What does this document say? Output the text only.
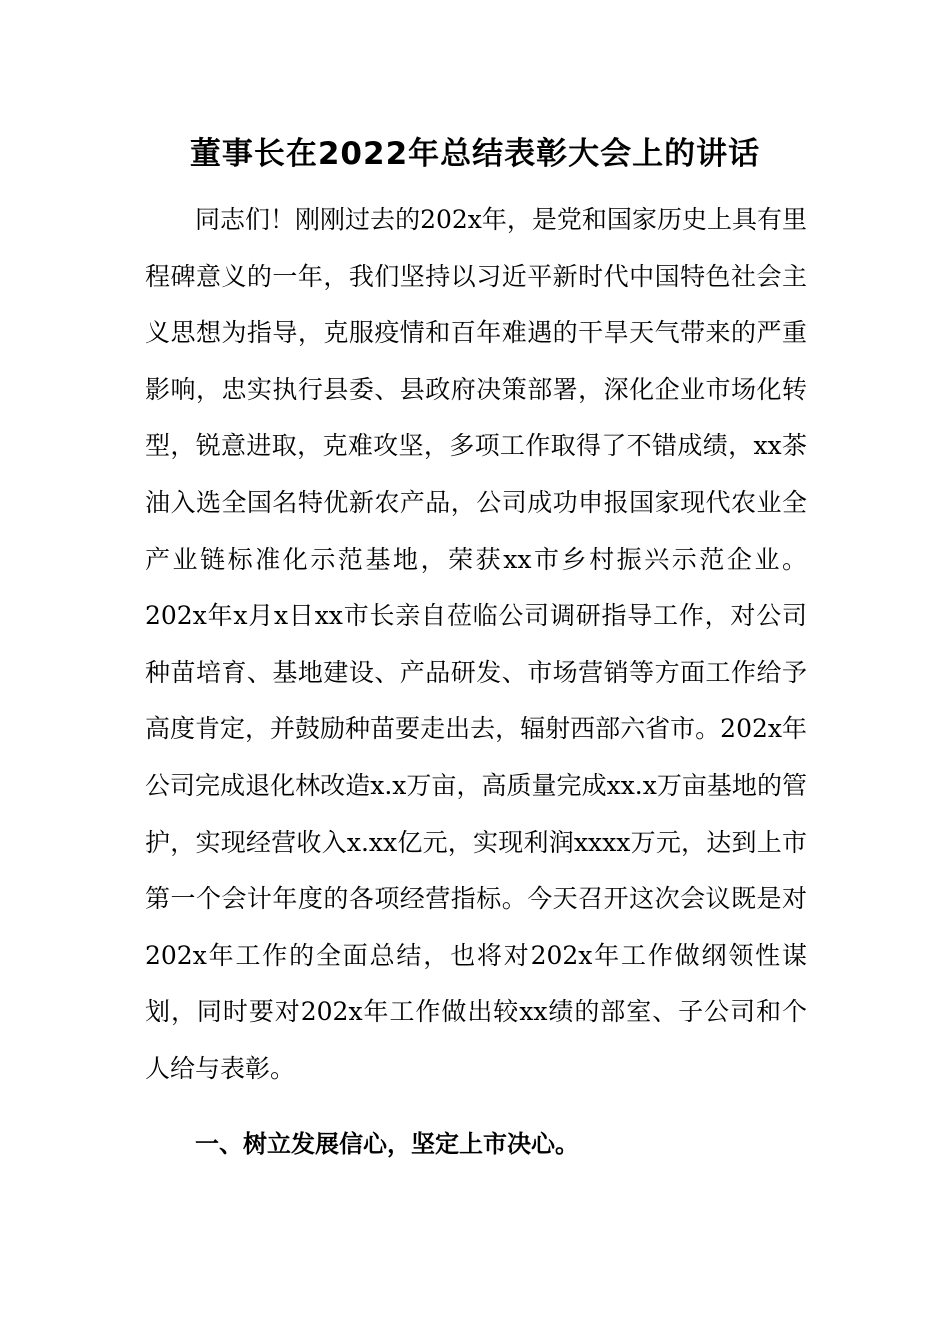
董事长在2022年总结表彰大会上的讲话

同志们！刚刚过去的202x年，是党和国家历史上具有里程碑意义的一年，我们坚持以习近平新时代中国特色社会主义思想为指导，克服疫情和百年难遇的干旱天气带来的严重影响，忠实执行县委、县政府决策部署，深化企业市场化转型，锐意进取，克难攻坚，多项工作取得了不错成绩，xx茶油入选全国名特优新农产品，公司成功申报国家现代农业全产业链标准化示范基地，荣获xx市乡村振兴示范企业。202x年x月x日xx市长亲自莅临公司调研指导工作，对公司种苗培育、基地建设、产品研发、市场营销等方面工作给予高度肯定，并鼓励种苗要走出去，辐射西部六省市。202x年公司完成退化林改造x.x万亩，高质量完成xx.x万亩基地的管护，实现经营收入x.xx亿元，实现利润xxxx万元，达到上市第一个会计年度的各项经营指标。今天召开这次会议既是对202x年工作的全面总结，也将对202x年工作做纲领性谋划，同时要对202x年工作做出较xx绩的部室、子公司和个人给与表彰。

一、树立发展信心，坚定上市决心。
